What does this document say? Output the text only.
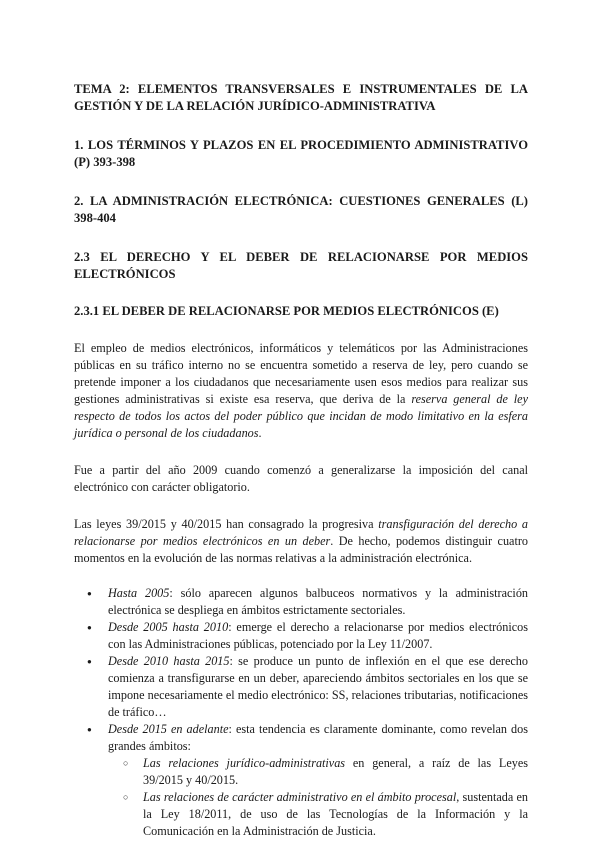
TEMA 2: ELEMENTOS TRANSVERSALES E INSTRUMENTALES DE LA GESTIÓN Y DE LA RELACIÓN JURÍDICO-ADMINISTRATIVA
1. LOS TÉRMINOS Y PLAZOS EN EL PROCEDIMIENTO ADMINISTRATIVO (P) 393-398
2. LA ADMINISTRACIÓN ELECTRÓNICA: CUESTIONES GENERALES (L) 398-404
2.3 EL DERECHO Y EL DEBER DE RELACIONARSE POR MEDIOS ELECTRÓNICOS
2.3.1 EL DEBER DE RELACIONARSE POR MEDIOS ELECTRÓNICOS (E)

El empleo de medios electrónicos, informáticos y telemáticos por las Administraciones públicas en su tráfico interno no se encuentra sometido a reserva de ley, pero cuando se pretende imponer a los ciudadanos que necesariamente usen esos medios para realizar sus gestiones administrativas si existe esa reserva, que deriva de la reserva general de ley respecto de todos los actos del poder público que incidan de modo limitativo en la esfera jurídica o personal de los ciudadanos.

Fue a partir del año 2009 cuando comenzó a generalizarse la imposición del canal electrónico con carácter obligatorio.

Las leyes 39/2015 y 40/2015 han consagrado la progresiva transfiguración del derecho a relacionarse por medios electrónicos en un deber. De hecho, podemos distinguir cuatro momentos en la evolución de las normas relativas a la administración electrónica.

● Hasta 2005: sólo aparecen algunos balbuceos normativos y la administración electrónica se despliega en ámbitos estrictamente sectoriales.
● Desde 2005 hasta 2010: emerge el derecho a relacionarse por medios electrónicos con las Administraciones públicas, potenciado por la Ley 11/2007.
● Desde 2010 hasta 2015: se produce un punto de inflexión en el que ese derecho comienza a transfigurarse en un deber, apareciendo ámbitos sectoriales en los que se impone necesariamente el medio electrónico: SS, relaciones tributarias, notificaciones de tráfico…
● Desde 2015 en adelante: esta tendencia es claramente dominante, como revelan dos grandes ámbitos:
○ Las relaciones jurídico-administrativas en general, a raíz de las Leyes 39/2015 y 40/2015.
○ Las relaciones de carácter administrativo en el ámbito procesal, sustentada en la Ley 18/2011, de uso de las Tecnologías de la Información y la Comunicación en la Administración de Justicia.
